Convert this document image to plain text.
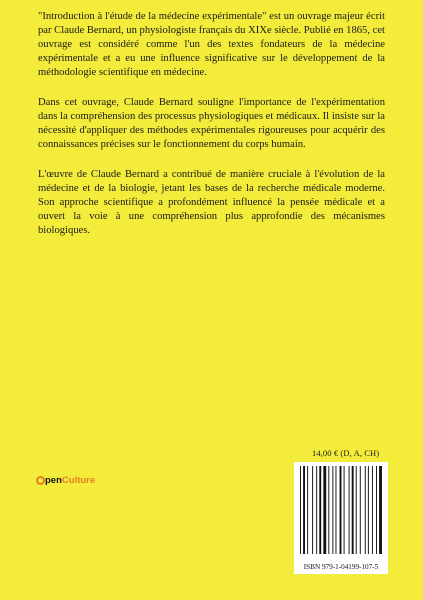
"Introduction à l'étude de la médecine expérimentale" est un ouvrage majeur écrit par Claude Bernard, un physiologiste français du XIXe siècle. Publié en 1865, cet ouvrage est considéré comme l'un des textes fondateurs de la médecine expérimentale et a eu une influence significative sur le développement de la méthodologie scientifique en médecine.

Dans cet ouvrage, Claude Bernard souligne l'importance de l'expérimentation dans la compréhension des processus physiologiques et médicaux. Il insiste sur la nécessité d'appliquer des méthodes expérimentales rigoureuses pour acquérir des connaissances précises sur le fonctionnement du corps humain.

L'œuvre de Claude Bernard a contribué de manière cruciale à l'évolution de la médecine et de la biologie, jetant les bases de la recherche médicale moderne. Son approche scientifique a profondément influencé la pensée médicale et a ouvert la voie à une compréhension plus approfondie des mécanismes biologiques.

14,00 € (D, A, CH)
pen Culture
ISBN 979-1-04199-107-5
